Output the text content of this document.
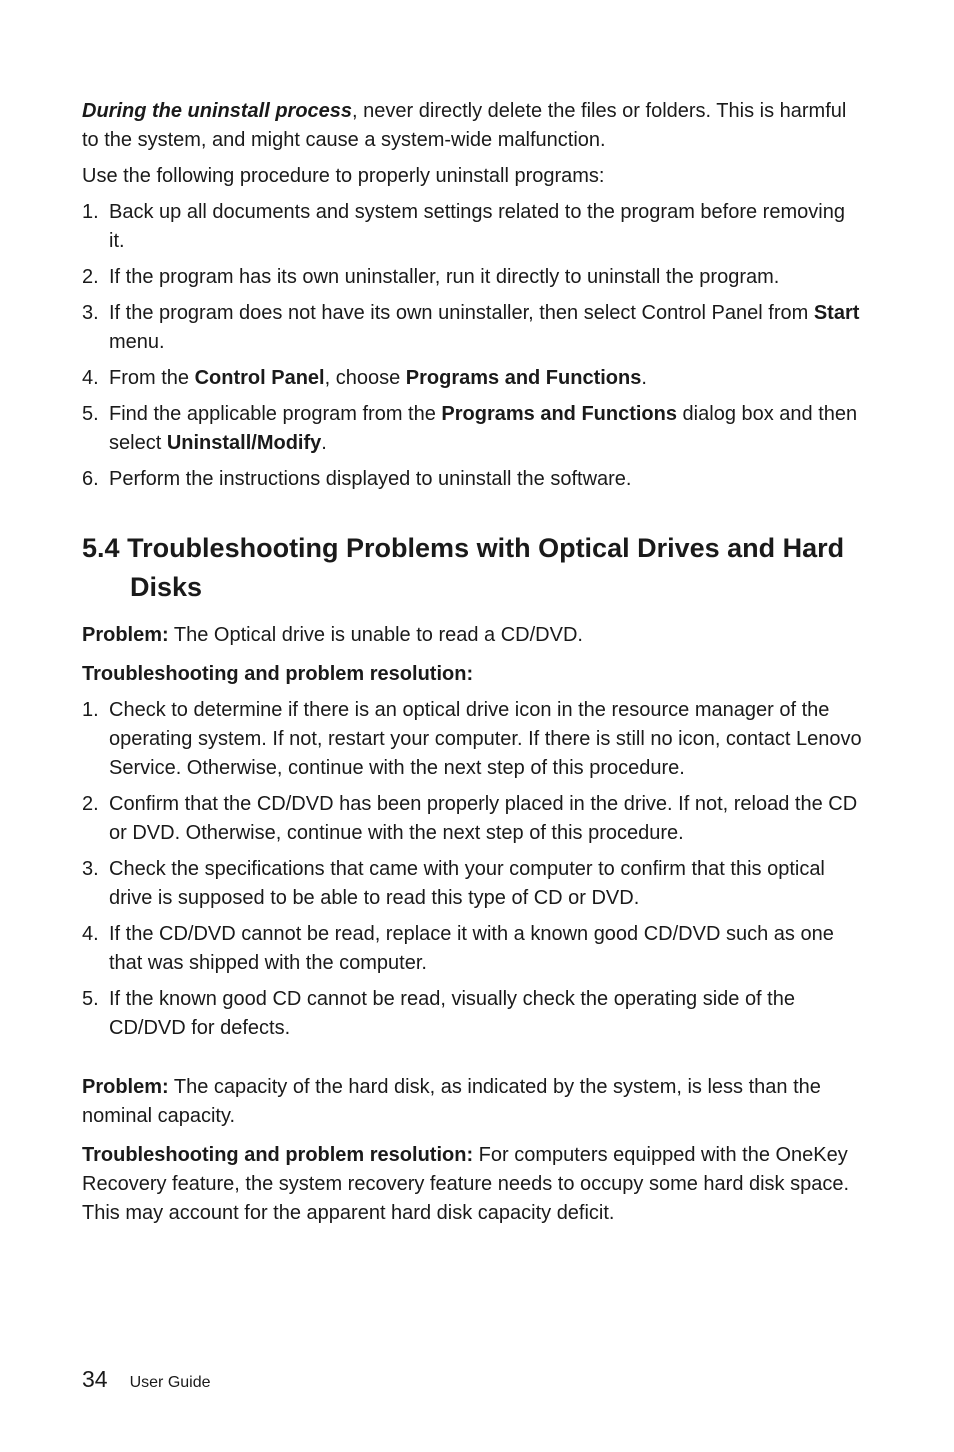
During the uninstall process, never directly delete the files or folders. This is harmful to the system, and might cause a system-wide malfunction.

Use the following procedure to properly uninstall programs:

1. Back up all documents and system settings related to the program before removing it.
2. If the program has its own uninstaller, run it directly to uninstall the program.
3. If the program does not have its own uninstaller, then select Control Panel from Start menu.
4. From the Control Panel, choose Programs and Functions.
5. Find the applicable program from the Programs and Functions dialog box and then select Uninstall/Modify.
6. Perform the instructions displayed to uninstall the software.
5.4 Troubleshooting Problems with Optical Drives and Hard Disks

Problem: The Optical drive is unable to read a CD/DVD.

Troubleshooting and problem resolution:

1. Check to determine if there is an optical drive icon in the resource manager of the operating system. If not, restart your computer. If there is still no icon, contact Lenovo Service. Otherwise, continue with the next step of this procedure.
2. Confirm that the CD/DVD has been properly placed in the drive. If not, reload the CD or DVD. Otherwise, continue with the next step of this procedure.
3. Check the specifications that came with your computer to confirm that this optical drive is supposed to be able to read this type of CD or DVD.
4. If the CD/DVD cannot be read, replace it with a known good CD/DVD such as one that was shipped with the computer.
5. If the known good CD cannot be read, visually check the operating side of the CD/DVD for defects.

Problem: The capacity of the hard disk, as indicated by the system, is less than the nominal capacity.

Troubleshooting and problem resolution: For computers equipped with the OneKey Recovery feature, the system recovery feature needs to occupy some hard disk space. This may account for the apparent hard disk capacity deficit.

34 User Guide
